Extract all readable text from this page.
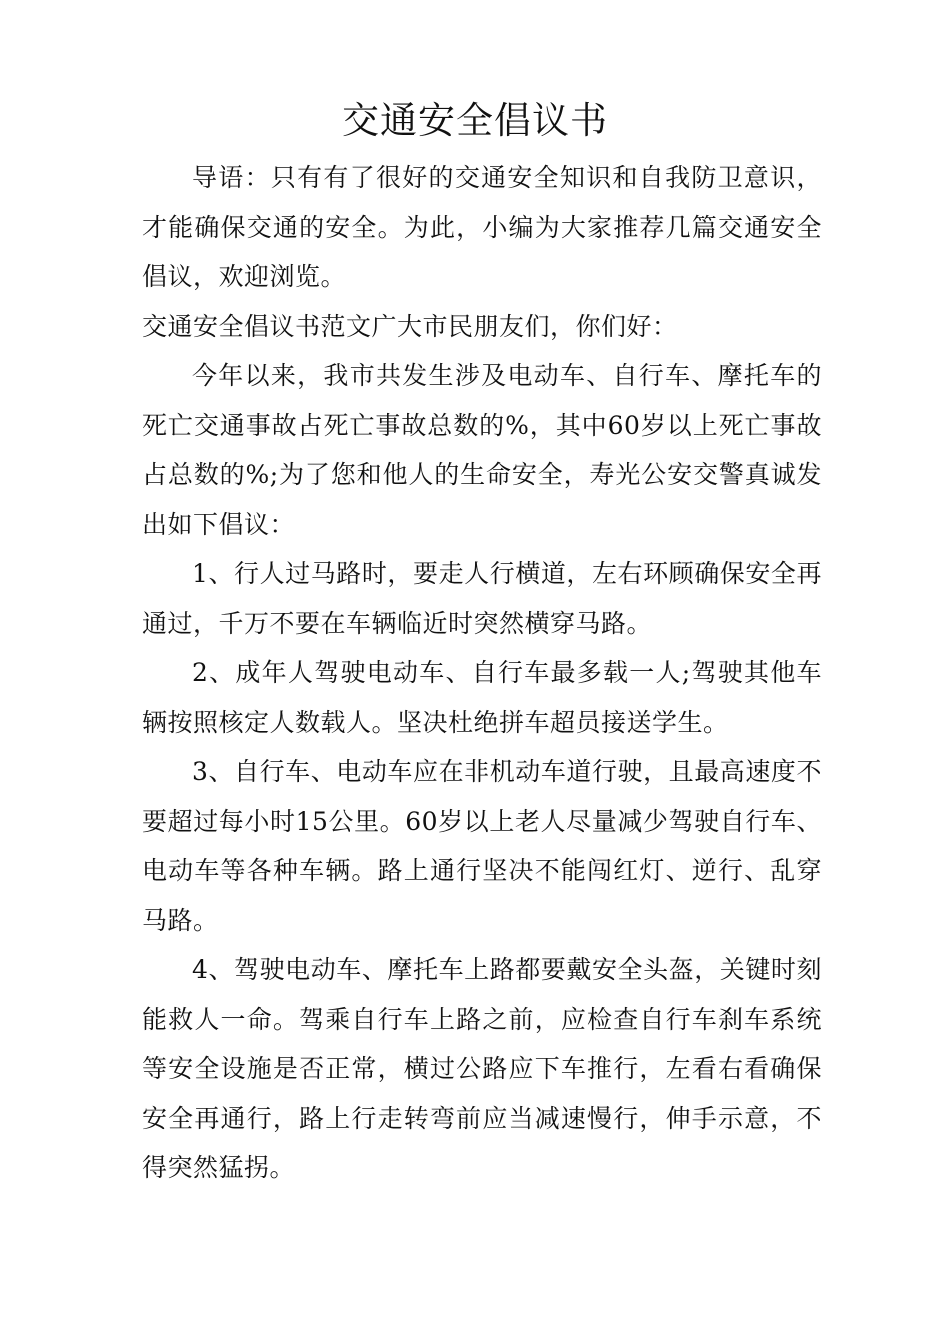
交通安全倡议书

导语：只有有了很好的交通安全知识和自我防卫意识，才能确保交通的安全。为此，小编为大家推荐几篇交通安全倡议，欢迎浏览。

交通安全倡议书范文广大市民朋友们，你们好：

今年以来，我市共发生涉及电动车、自行车、摩托车的死亡交通事故占死亡事故总数的%，其中60岁以上死亡事故占总数的%;为了您和他人的生命安全，寿光公安交警真诚发出如下倡议：

1、行人过马路时，要走人行横道，左右环顾确保安全再通过，千万不要在车辆临近时突然横穿马路。

2、成年人驾驶电动车、自行车最多载一人;驾驶其他车辆按照核定人数载人。坚决杜绝拼车超员接送学生。

3、自行车、电动车应在非机动车道行驶，且最高速度不要超过每小时15公里。60岁以上老人尽量减少驾驶自行车、电动车等各种车辆。路上通行坚决不能闯红灯、逆行、乱穿马路。

4、驾驶电动车、摩托车上路都要戴安全头盔，关键时刻能救人一命。驾乘自行车上路之前，应检查自行车刹车系统等安全设施是否正常，横过公路应下车推行，左看右看确保安全再通行，路上行走转弯前应当减速慢行，伸手示意，不得突然猛拐。
